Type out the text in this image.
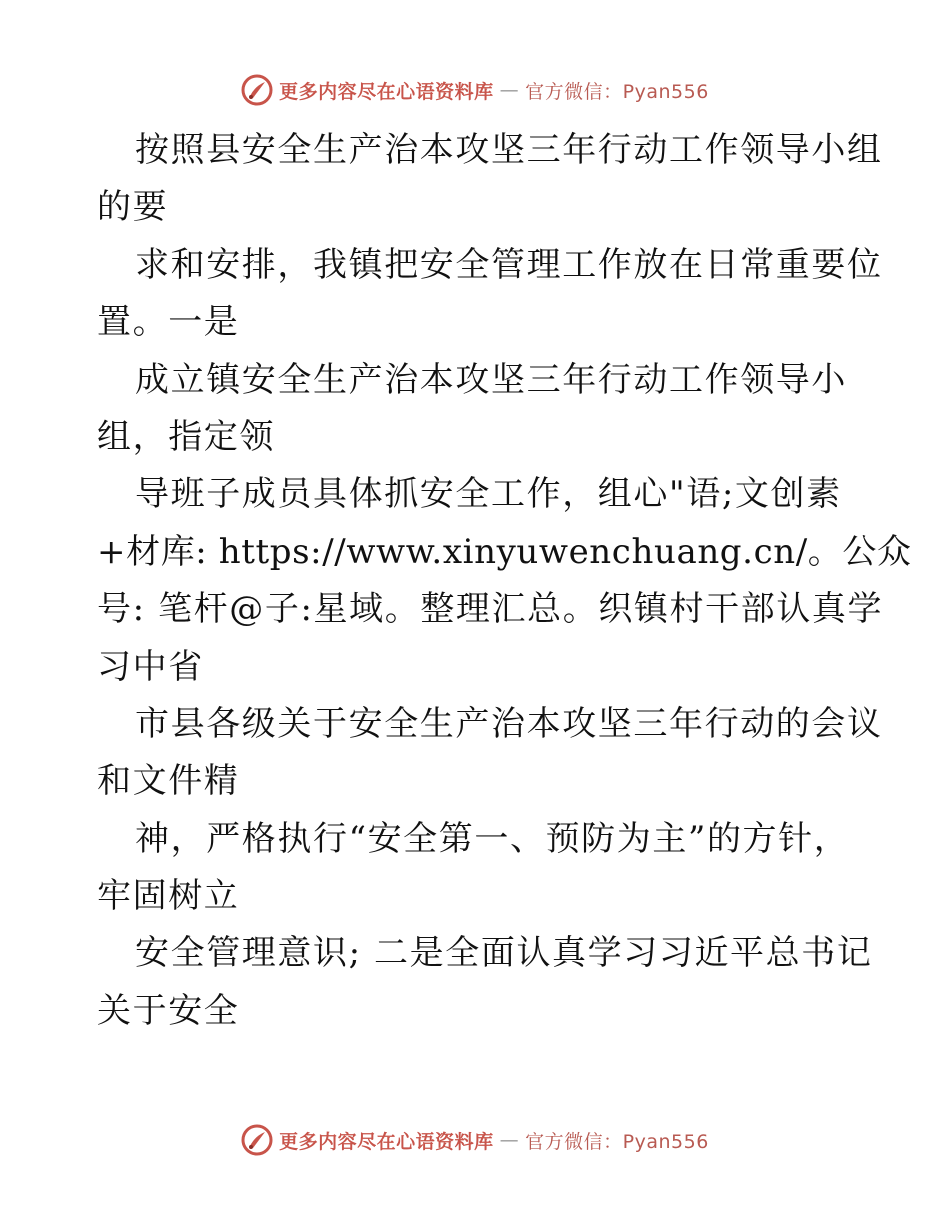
更多内容尽在心语资料库 — 官方微信：Pyan556
按照县安全生产治本攻坚三年行动工作领导小组
的要
求和安排，我镇把安全管理工作放在日常重要位
置。一是
成立镇安全生产治本攻坚三年行动工作领导小
组，指定领
导班子成员具体抓安全工作，组心"语;文创素
+材库: https://www.xinyuwenchuang.cn/。公众
号: 笔杆@子:星域。整理汇总。织镇村干部认真学
习中省
市县各级关于安全生产治本攻坚三年行动的会议
和文件精
神，严格执行“安全第一、预防为主”的方针，
牢固树立
安全管理意识; 二是全面认真学习习近平总书记
关于安全
更多内容尽在心语资料库 — 官方微信：Pyan556
